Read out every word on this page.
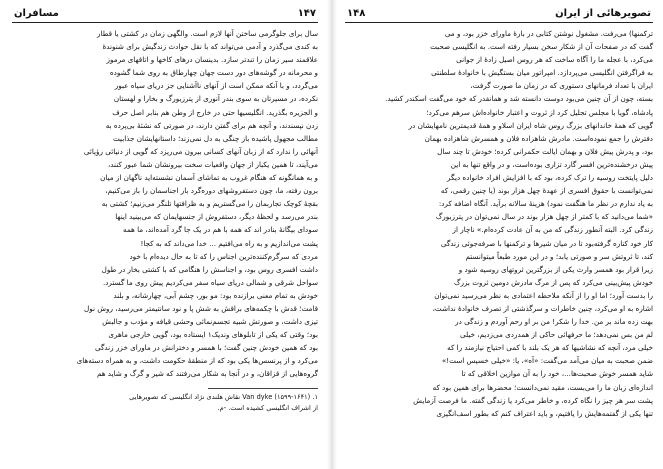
تصویرهائی از ایران
١۴٨
ترکمنها) می‌رفت. مشغول نوشتن کتابی در بارهٔ ماورای خزر بود، و می
گفت که در صفحات آن از شکار سخن بسیار رفته است. به انگلیسی صحبت
می‌کرد، با عجله ما را آگاه ساخت که هر روس اصیل زادهٔ از جوانی
به فراگرفتن انگلیسی می‌پردازد. امپراتور میان بستگیش با خانوادهٔ سلطنتی
ایران با تعداد فرمانهای دستوری که در زمان ما صورت گرفت،
بسته، چون از آن چنین می‌بود دوست دانسته شد و همانقدر که خود می‌گفت اسکندر کشید.
پادشاه، گویا با مجلس تجلیل کرد از ثروت و اعتبار خانواده‌اش سرهم می‌کرد؛
گویی که همهٔ خاندانهای بزرگ روس شاه ایران اسلاو و همهٔ قدیمترین نامهایشان در
دفترش را جمع نموده‌است. مادرش شاهزاده فلان و همسرش شاهزاده بهمان
بود، و پدرش پیش فلان و بهمان ایالت حکمرانی کرده؛ خودش تا چند سال
پیش درخشنده‌ترین افسر گارد تزاری بوده‌است، و در واقع تنها به این
دلیل پایتخت روسیه را ترک کرده، بود که با افزایش افراد خانواده دیگر
نمی‌توانست با حقوق افسری از عهدهٔ چهل هزار بوند (یا چنین رقمی، که
به یاد ندارم در نظر ما هنگفت نمود) هزینهٔ سالانه برآید. آنگاه اضافه کرد:
«شما می‌دانید که با کمتر از چهل هزار بوند در سال نمی‌توان در پترزبورگ
زندگی کرد. البته آنطور زندگی که من به آن عادت کرده‌ام.» ناچار از
کار خود کناره گرفته‌بود تا در میان شیرها و ترکمنها با صرفه‌جوئی زندگی
کند، تا ثروتش سر و صورتی یابد؛ و در این مورد طبعاً میتوانستم
زیرا قرار بود همسر وارث یکی از بزرگترین ثروتهای روسیه شود و
خودش پیش‌بینی می‌کرد که پس از مرگ مادرش دومین ثروت بزرگ
را بدست آورد؛ اما او را از آنکه ملاحظه اعتمادی به نظر می‌رسید نمی‌توان
اشاره به او می‌کرد، چنین خاطرات و سرگذشتی از تصرف خانوادهٔ نداشت،
بهت زده ماند بر من. خدا را شکر! من بر او رحم آوردم و زندگی در
لم من بس نمی‌دهد؛ ما حرفهائی حاکی از همدردی می‌زدیم، خیلی
خیلی مرد، آنچه که نشاشیها که هر یک بلند با کمی احتیاج نیازمند را که
ضمن صحبت به میان می‌آمد می‌گفت: «آه»، یا: «خیلی خسیس است!»
شاید همسر خوش صحبت‌ها...، خود را به آن موازین اخلاقی که تا
اندازه‌ای زبان ما را می‌بست، مقید نمی‌دانست؛ محضرها برای همین بود که
پشت سر هر چیز را نگاه کرده، و خاطر می‌کرد یا زندگی گفته. ما فرصت آزمایش
تنها یکی از گفتمه‌هایش را یافتیم، و باید اعتراف کنم که بطور اسف‌انگیزی
١۴٧
مسافران
سال برای جلوگرمی ساختن آنها لازم است. والگهی زمان در کشتی یا قطار
به کندی می‌گذرد و آدمی می‌تواند که با نقل حوادث زندگیش برای شنوندهٔ
علاقمند سیر زمان را تندتر سازد. بدینسان درهای کاخها و اتاقهای مرموز
و محرمانه در گوشه‌های دور دست جهان چهارطاق به روی شما گشوده
می‌گردد، و با آنکه ممکن است از آنهای ناآشنایی جز دریای سیاه عبور
نکرده، در مسیرتان به سوی بندر آنوری از پترزبورگ و بخارا و لهستان
و الجزیره بگذرید. انگلیسیها حتی در خارج از وطن هم بنابر اصل حرف
زدن نپسندند، و آنچه هم برای گفتن دارند، در صورتی که نشئهٔ بی‌پرده به
مطالب مجهول پاشیده باز چنگی به دل نمی‌زند؛ داستانهایشان جذابیت
آنهائی را ندارد که از زبان آنهای کسانی بیرون می‌ریزد که گویی از دنیائی رؤیائی
می‌آیند، تا همین یکبار از جهان واقعیات سخت بیرونشان شما عبور کنند،
و به همانگونه که هنگام غروب به تماشای آسمان نشسته‌اید ناگهان از میان
برون رفته، ما، چون دستفروشهای دوره‌گرد بار اجناسمان را باز می‌کنیم،
بقچهٔ کوچک تجاربمان را می‌گستریم و به ظرافتها تلنگر می‌زنیم؛ کشتی به
بندر می‌رسد و لحظهٔ دیگر، دستفروش از جنسهایمان که می‌بینید اینها
سودای بیگانهٔ بنادر اند که همه با هم در یک جا گرد آمده‌اند، ما همه
پشت می‌اندازیم و به راه می‌افتیم ... خدا می‌داند که به کجا!
مردی که سرگرم‌کننده‌ترین اجناس را که تا به حال دیده‌ام با خود
داشت افسری روس بود، و اجناسش را هنگامی که با کشتی بخار در طول
سواحل شرقی و شمالی دریای سیاه سفر می‌کردیم پیش روی ما گسترد.
خودش به تمام معنی برازنده بود: مو بور، چشم آبی، چهارشانه، و بلند
قامت؛ قدش با چکمه‌های براقش به شش پا و نود سانتیمتر می‌رسید، روش نول
تیزی داشت، و صورتش شبیه تجسم‌نمائی وحشی قیافه و مؤدب و جالبش
بود؛ وقتی که یکی از تابلوهای وندیک۱ ایستاده بود، گویی خارجی ماهری
بود که همین خودش چنین گفت؛ با همسر و دخترانش در ماورای خزر زندگی
می‌کرد و از پرنسس‌ها یکی بود که از منطقهٔ حکومت داشت، و به همراه دسته‌های
گروه‌هایی از قزاقان، و در آنجا به شکار می‌رفتند که شیر و گرگ و شاید هم
۱. Van dyke (۱۵۹۹-۱۶۴۱) نقاش هلندی نژاد انگلیسی که تصویرهایی
از اشراف انگلیسی کشیده است. -م.
